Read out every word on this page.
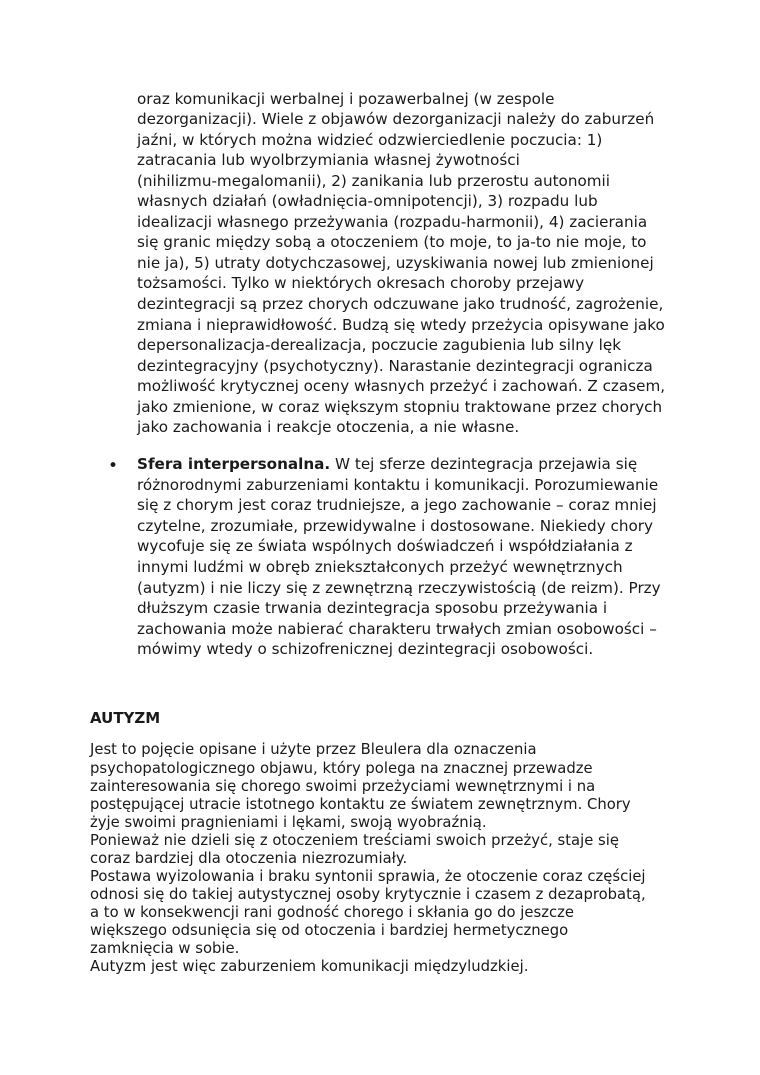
oraz komunikacji werbalnej i pozawerbalnej (w zespole
dezorganizacji). Wiele z objawów dezorganizacji należy do zaburzeń
jaźni, w których można widzieć odzwierciedlenie poczucia: 1)
zatracania lub wyolbrzymiania własnej żywotności
(nihilizmu-megalomanii), 2) zanikania lub przerostu autonomii
własnych działań (owładnięcia-omnipotencji), 3) rozpadu lub
idealizacji własnego przeżywania (rozpadu-harmonii), 4) zacierania
się granic między sobą a otoczeniem (to moje, to ja-to nie moje, to
nie ja), 5) utraty dotychczasowej, uzyskiwania nowej lub zmienionej
tożsamości. Tylko w niektórych okresach choroby przejawy
dezintegracji są przez chorych odczuwane jako trudność, zagrożenie,
zmiana i nieprawidłowość. Budzą się wtedy przeżycia opisywane jako
depersonalizacja-derealizacja, poczucie zagubienia lub silny lęk
dezintegracyjny (psychotyczny). Narastanie dezintegracji ogranicza
możliwość krytycznej oceny własnych przeżyć i zachowań. Z czasem,
jako zmienione, w coraz większym stopniu traktowane przez chorych
jako zachowania i reakcje otoczenia, a nie własne.
• Sfera interpersonalna. W tej sferze dezintegracja przejawia się
różnorodnymi zaburzeniami kontaktu i komunikacji. Porozumiewanie
się z chorym jest coraz trudniejsze, a jego zachowanie – coraz mniej
czytelne, zrozumiałe, przewidywalne i dostosowane. Niekiedy chory
wycofuje się ze świata wspólnych doświadczeń i współdziałania z
innymi ludźmi w obręb zniekształconych przeżyć wewnętrznych
(autyzm) i nie liczy się z zewnętrzną rzeczywistością (de reizm). Przy
dłuższym czasie trwania dezintegracja sposobu przeżywania i
zachowania może nabierać charakteru trwałych zmian osobowości –
mówimy wtedy o schizofrenicznej dezintegracji osobowości.
AUTYZM
Jest to pojęcie opisane i użyte przez Bleulera dla oznaczenia
psychopatologicznego objawu, który polega na znacznej przewadze
zainteresowania się chorego swoimi przeżyciami wewnętrznymi i na
postępującej utracie istotnego kontaktu ze światem zewnętrznym. Chory
żyje swoimi pragnieniami i lękami, swoją wyobraźnią.
Ponieważ nie dzieli się z otoczeniem treściami swoich przeżyć, staje się
coraz bardziej dla otoczenia niezrozumiały.
Postawa wyizolowania i braku syntonii sprawia, że otoczenie coraz częściej
odnosi się do takiej autystycznej osoby krytycznie i czasem z dezaprobatą,
a to w konsekwencji rani godność chorego i skłania go do jeszcze
większego odsunięcia się od otoczenia i bardziej hermetycznego
zamknięcia w sobie.
Autyzm jest więc zaburzeniem komunikacji międzyludzkiej.
